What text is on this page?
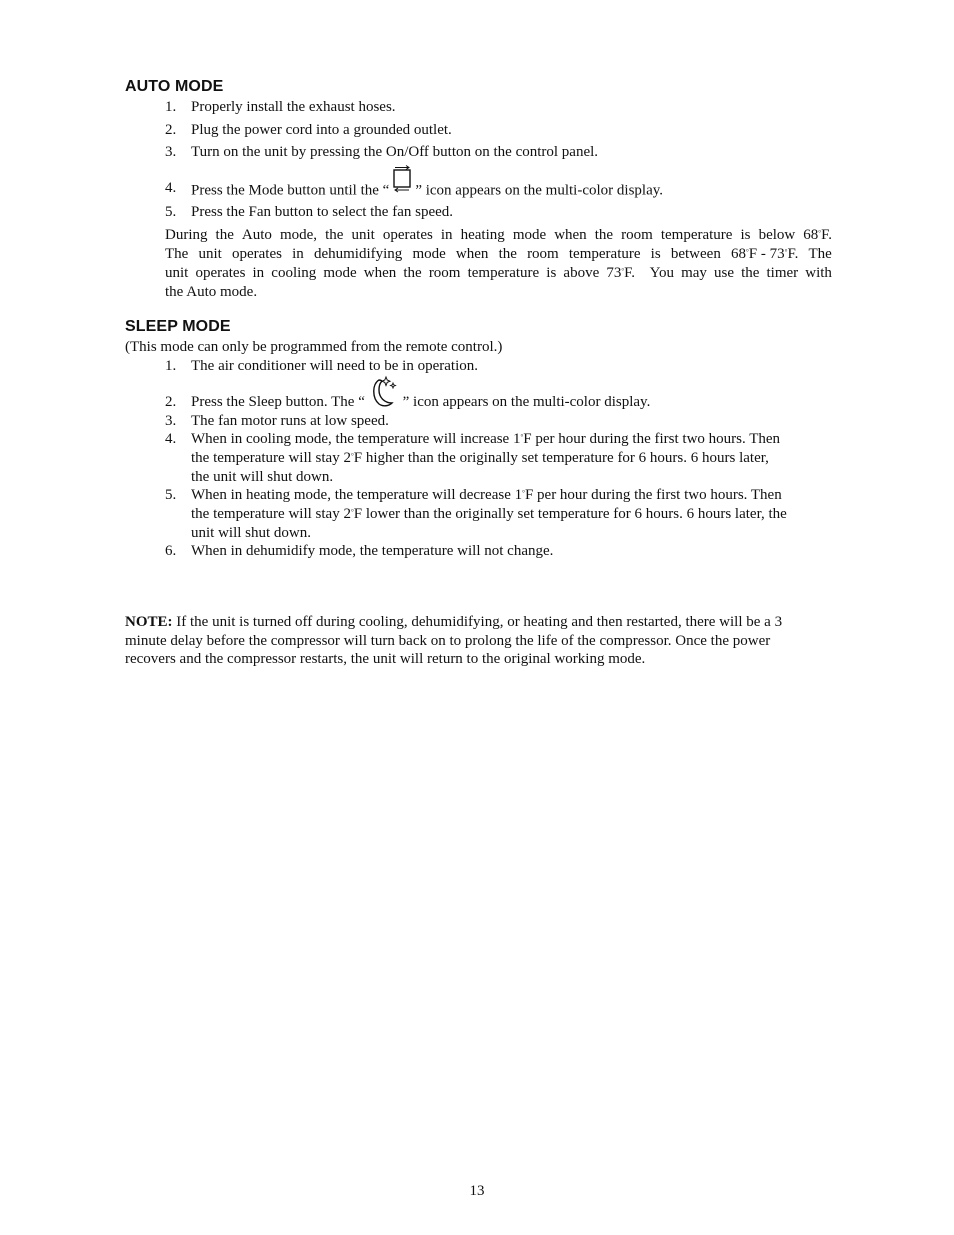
AUTO MODE
1. Properly install the exhaust hoses.
2. Plug the power cord into a grounded outlet.
3. Turn on the unit by pressing the On/Off button on the control panel.
4. Press the Mode button until the “ ” icon appears on the multi-color display.
5. Press the Fan button to select the fan speed.
During the Auto mode, the unit operates in heating mode when the room temperature is below 68°F.
The unit operates in dehumidifying mode when the room temperature is between 68°F - 73°F. The
unit operates in cooling mode when the room temperature is above 73°F. You may use the timer with
the Auto mode.
SLEEP MODE
(This mode can only be programmed from the remote control.)
1. The air conditioner will need to be in operation.
2. Press the Sleep button. The “
” icon appears on the multi-color display.
3. The fan motor runs at low speed.
4. When in cooling mode, the temperature will increase 1°F per hour during the first two hours. Then
the temperature will stay 2°F higher than the originally set temperature for 6 hours. 6 hours later,
the unit will shut down.
5. When in heating mode, the temperature will decrease 1°F per hour during the first two hours. Then
the temperature will stay 2°F lower than the originally set temperature for 6 hours. 6 hours later, the
unit will shut down.
6. When in dehumidify mode, the temperature will not change.
NOTE: If the unit is turned off during cooling, dehumidifying, or heating and then restarted, there will be a 3
minute delay before the compressor will turn back on to prolong the life of the compressor. Once the power
recovers and the compressor restarts, the unit will return to the original working mode.
13
